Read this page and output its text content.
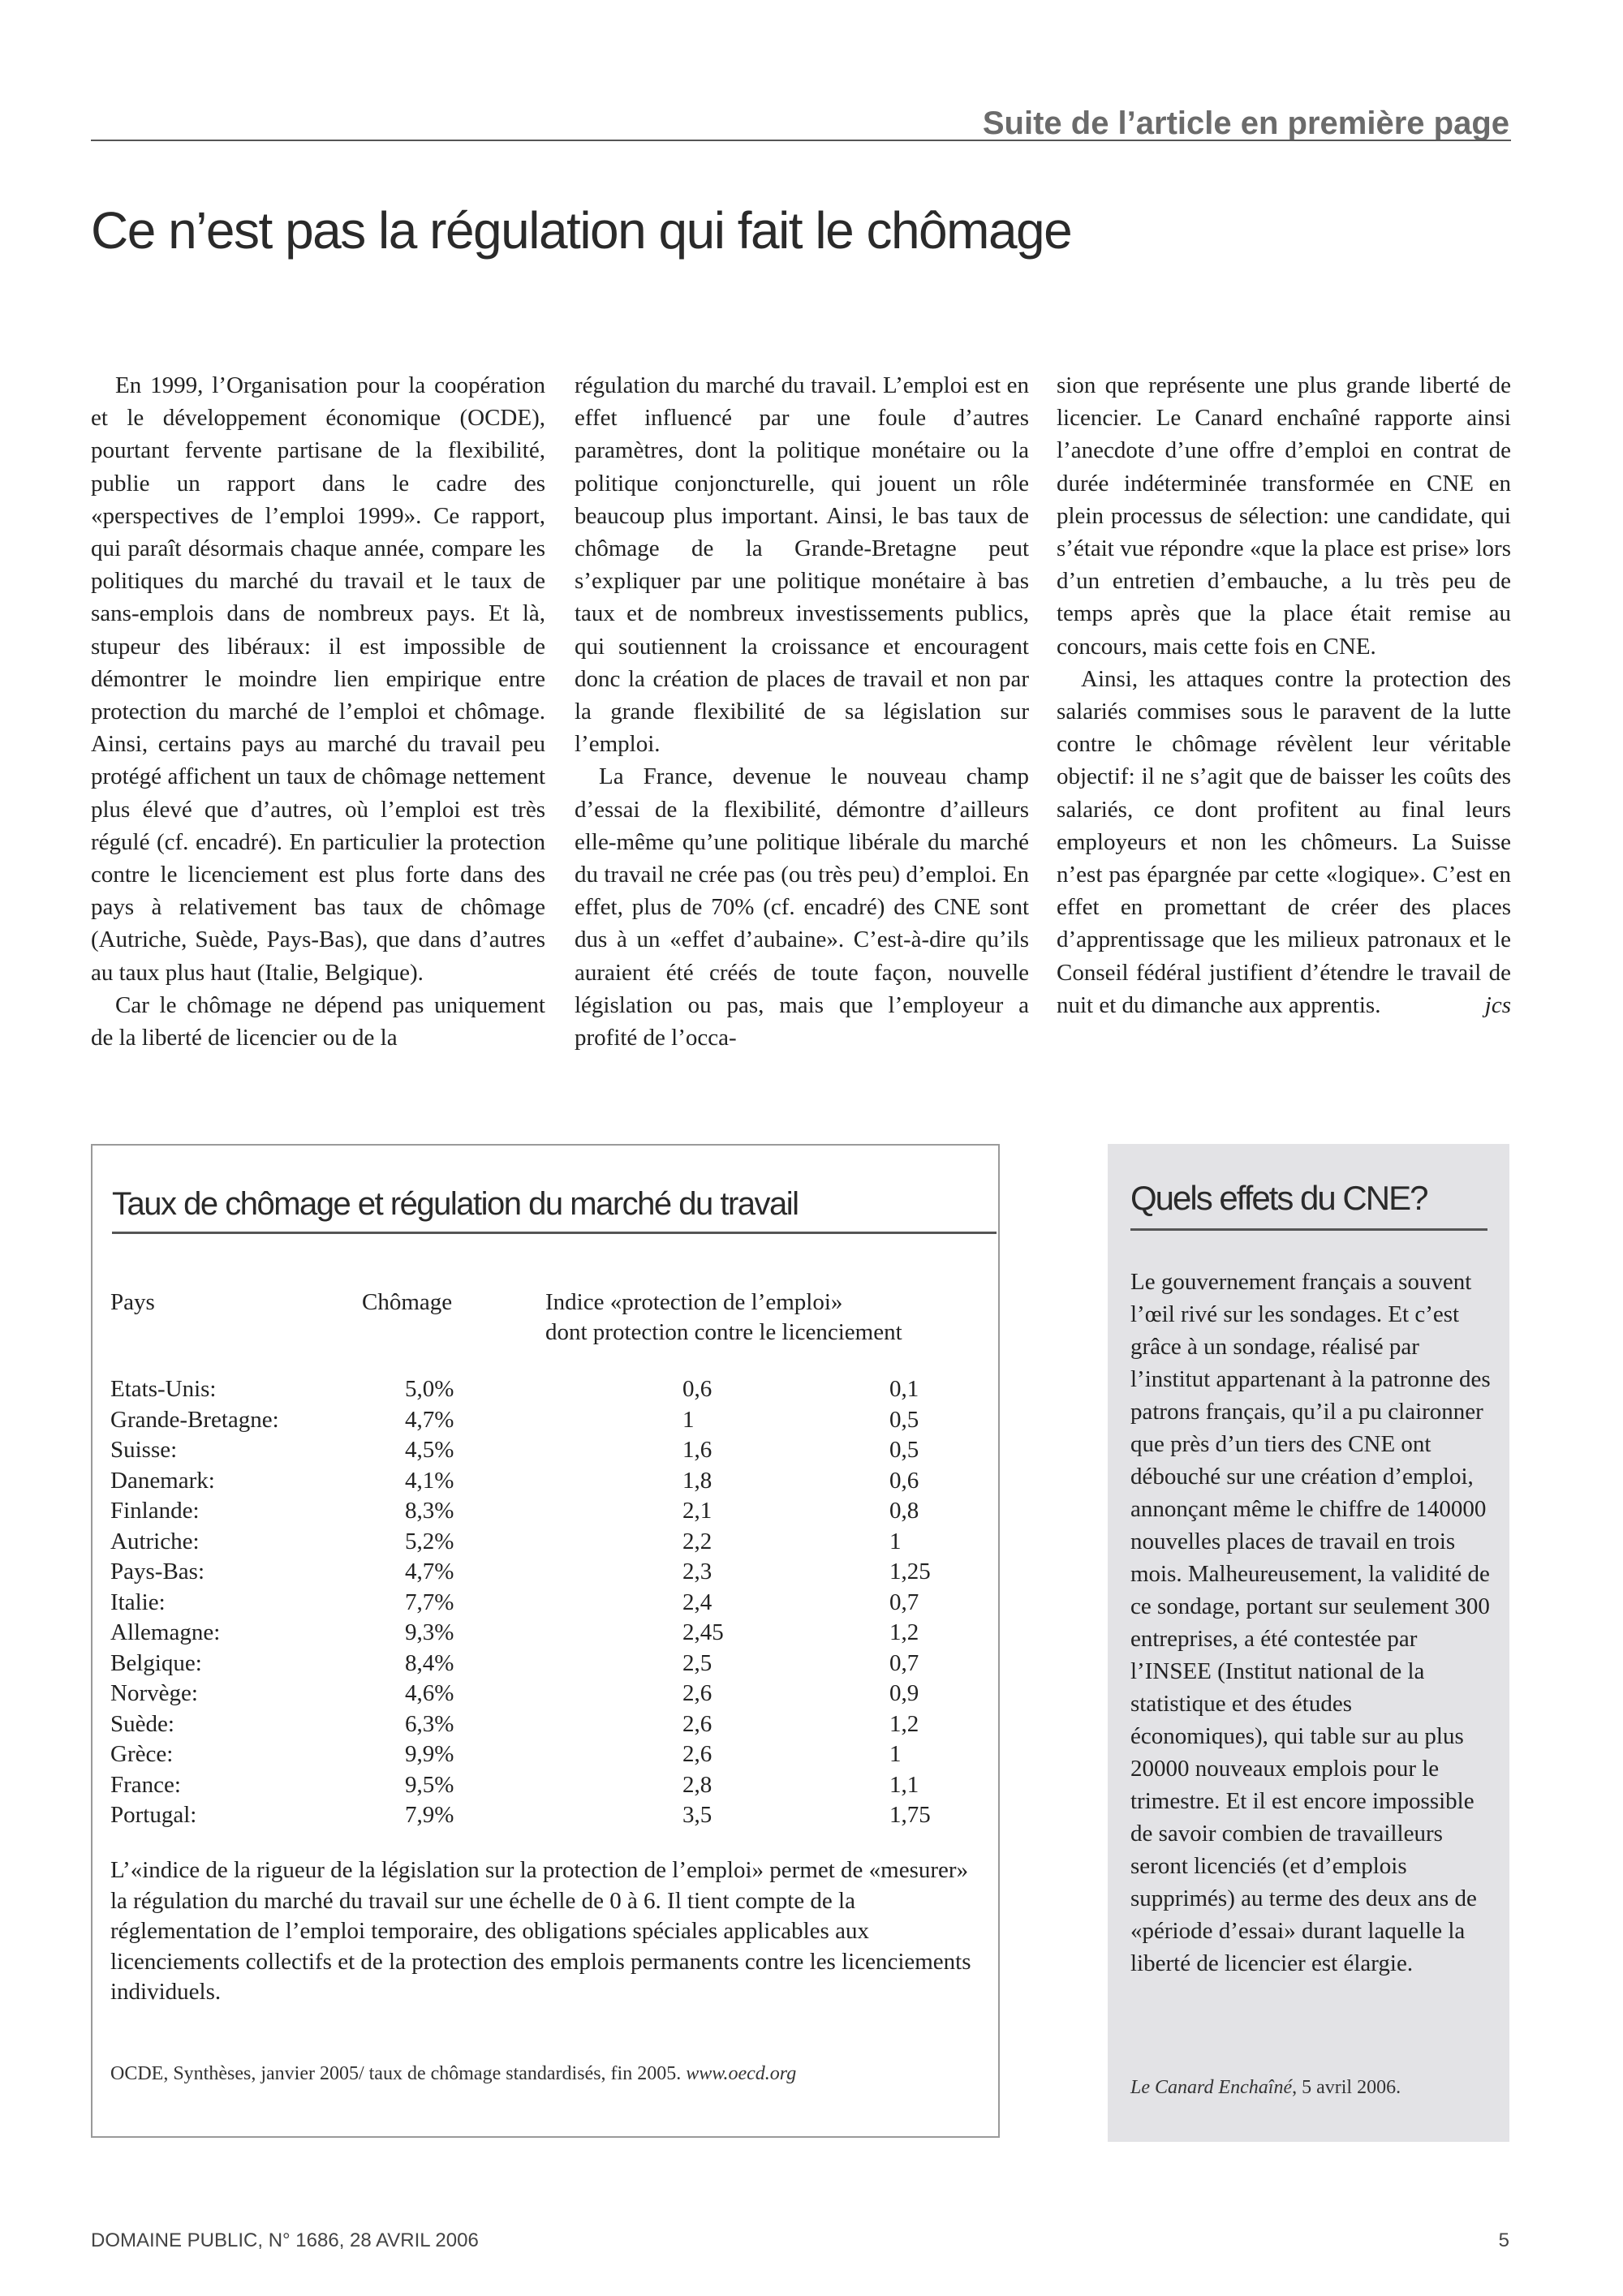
Suite de l’article en première page
Ce n’est pas la régulation qui fait le chômage

En 1999, l’Organisation pour la coopération et le développement économique (OCDE), pourtant fervente partisane de la flexibilité, publie un rapport dans le cadre des «perspectives de l’emploi 1999». Ce rapport, qui paraît désormais chaque année, compare les politiques du marché du travail et le taux de sans-emplois dans de nombreux pays. Et là, stupeur des libéraux: il est impossible de démontrer le moindre lien empirique entre protection du marché de l’emploi et chômage. Ainsi, certains pays au marché du travail peu protégé affichent un taux de chômage nettement plus élevé que d’autres, où l’emploi est très régulé (cf. encadré). En particulier la protection contre le licenciement est plus forte dans des pays à relativement bas taux de chômage (Autriche, Suède, Pays-Bas), que dans d’autres au taux plus haut (Italie, Belgique).

Car le chômage ne dépend pas uniquement de la liberté de licencier ou de la

régulation du marché du travail. L’emploi est en effet influencé par une foule d’autres paramètres, dont la politique monétaire ou la politique conjoncturelle, qui jouent un rôle beaucoup plus important. Ainsi, le bas taux de chômage de la Grande-Bretagne peut s’expliquer par une politique monétaire à bas taux et de nombreux investissements publics, qui soutiennent la croissance et encouragent donc la création de places de travail et non par la grande flexibilité de sa législation sur l’emploi.

La France, devenue le nouveau champ d’essai de la flexibilité, démontre d’ailleurs elle-même qu’une politique libérale du marché du travail ne crée pas (ou très peu) d’emploi. En effet, plus de 70% (cf. encadré) des CNE sont dus à un «effet d’aubaine». C’est-à-dire qu’ils auraient été créés de toute façon, nouvelle législation ou pas, mais que l’employeur a profité de l’occa-

sion que représente une plus grande liberté de licencier. Le Canard enchaîné rapporte ainsi l’anecdote d’une offre d’emploi en contrat de durée indéterminée transformée en CNE en plein processus de sélection: une candidate, qui s’était vue répondre «que la place est prise» lors d’un entretien d’embauche, a lu très peu de temps après que la place était remise au concours, mais cette fois en CNE.

Ainsi, les attaques contre la protection des salariés commises sous le paravent de la lutte contre le chômage révèlent leur véritable objectif: il ne s’agit que de baisser les coûts des salariés, ce dont profitent au final leurs employeurs et non les chômeurs. La Suisse n’est pas épargnée par cette «logique». C’est en effet en promettant de créer des places d’apprentissage que les milieux patronaux et le Conseil fédéral justifient d’étendre le travail de nuit et du dimanche aux apprentis.	jcs

Taux de chômage et régulation du marché du travail
Pays	Chômage	Indice «protection de l’emploi»
dont protection contre le licenciement
Etats-Unis:	5,0%	0,6	0,1
Grande-Bretagne:	4,7%	1	0,5
Suisse:	4,5%	1,6	0,5
Danemark:	4,1%	1,8	0,6
Finlande:	8,3%	2,1	0,8
Autriche:	5,2%	2,2	1
Pays-Bas:	4,7%	2,3	1,25
Italie:	7,7%	2,4	0,7
Allemagne:	9,3%	2,45	1,2
Belgique:	8,4%	2,5	0,7
Norvège:	4,6%	2,6	0,9
Suède:	6,3%	2,6	1,2
Grèce:	9,9%	2,6	1
France:	9,5%	2,8	1,1
Portugal:	7,9%	3,5	1,75

L’«indice de la rigueur de la législation sur la protection de l’emploi» permet de «mesurer» la régulation du marché du travail sur une échelle de 0 à 6. Il tient compte de la réglementation de l’emploi temporaire, des obligations spéciales applicables aux licenciements collectifs et de la protection des emplois permanents contre les licenciements individuels.

OCDE, Synthèses, janvier 2005/ taux de chômage standardisés, fin 2005. www.oecd.org

Quels effets du CNE?

Le gouvernement français a souvent l’œil rivé sur les sondages. Et c’est grâce à un sondage, réalisé par l’institut appartenant à la patronne des patrons français, qu’il a pu claironner que près d’un tiers des CNE ont débouché sur une création d’emploi, annonçant même le chiffre de 140000 nouvelles places de travail en trois mois. Malheureusement, la validité de ce sondage, portant sur seulement 300 entreprises, a été contestée par l’INSEE (Institut national de la statistique et des études économiques), qui table sur au plus 20000 nouveaux emplois pour le trimestre. Et il est encore impossible de savoir combien de travailleurs seront licenciés (et d’emplois supprimés) au terme des deux ans de «période d’essai» durant laquelle la liberté de licencier est élargie.

Le Canard Enchaîné, 5 avril 2006.

DOMAINE PUBLIC, N° 1686, 28 AVRIL 2006	5
